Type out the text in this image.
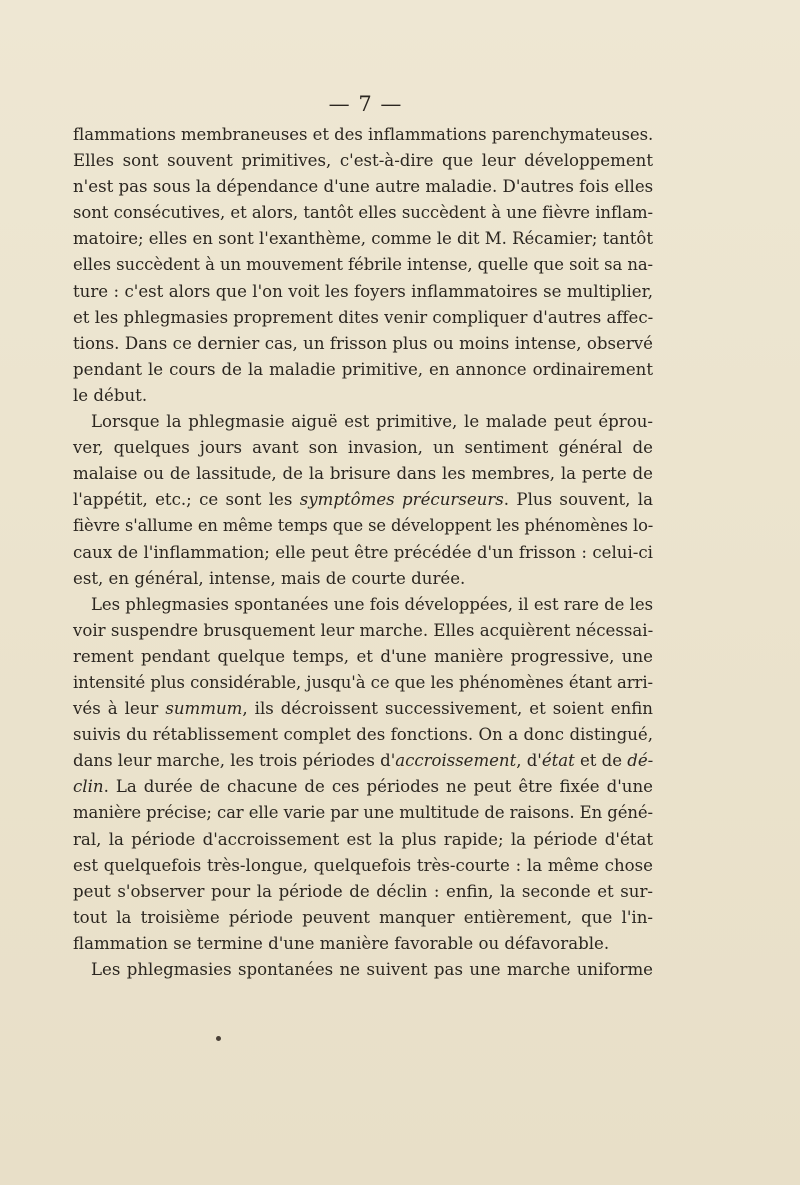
— 7 —
flammations membraneuses et des inflammations parenchymateuses.
Elles sont souvent primitives, c'est-à-dire que leur développement
n'est pas sous la dépendance d'une autre maladie. D'autres fois elles
sont consécutives, et alors, tantôt elles succèdent à une fièvre inflam-
matoire; elles en sont l'exanthème, comme le dit M. Récamier; tantôt
elles succèdent à un mouvement fébrile intense, quelle que soit sa na-
ture : c'est alors que l'on voit les foyers inflammatoires se multiplier,
et les phlegmasies proprement dites venir compliquer d'autres affec-
tions. Dans ce dernier cas, un frisson plus ou moins intense, observé
pendant le cours de la maladie primitive, en annonce ordinairement
le début.
Lorsque la phlegmasie aiguë est primitive, le malade peut éprou-
ver, quelques jours avant son invasion, un sentiment général de
malaise ou de lassitude, de la brisure dans les membres, la perte de
l'appétit, etc.; ce sont les symptômes précurseurs. Plus souvent, la
fièvre s'allume en même temps que se développent les phénomènes lo-
caux de l'inflammation; elle peut être précédée d'un frisson : celui-ci
est, en général, intense, mais de courte durée.
Les phlegmasies spontanées une fois développées, il est rare de les
voir suspendre brusquement leur marche. Elles acquièrent nécessai-
rement pendant quelque temps, et d'une manière progressive, une
intensité plus considérable, jusqu'à ce que les phénomènes étant arri-
vés à leur summum, ils décroissent successivement, et soient enfin
suivis du rétablissement complet des fonctions. On a donc distingué,
dans leur marche, les trois périodes d'accroissement, d'état et de dé-
clin. La durée de chacune de ces périodes ne peut être fixée d'une
manière précise; car elle varie par une multitude de raisons. En géné-
ral, la période d'accroissement est la plus rapide; la période d'état
est quelquefois très-longue, quelquefois très-courte : la même chose
peut s'observer pour la période de déclin : enfin, la seconde et sur-
tout la troisième période peuvent manquer entièrement, que l'in-
flammation se termine d'une manière favorable ou défavorable.
Les phlegmasies spontanées ne suivent pas une marche uniforme
